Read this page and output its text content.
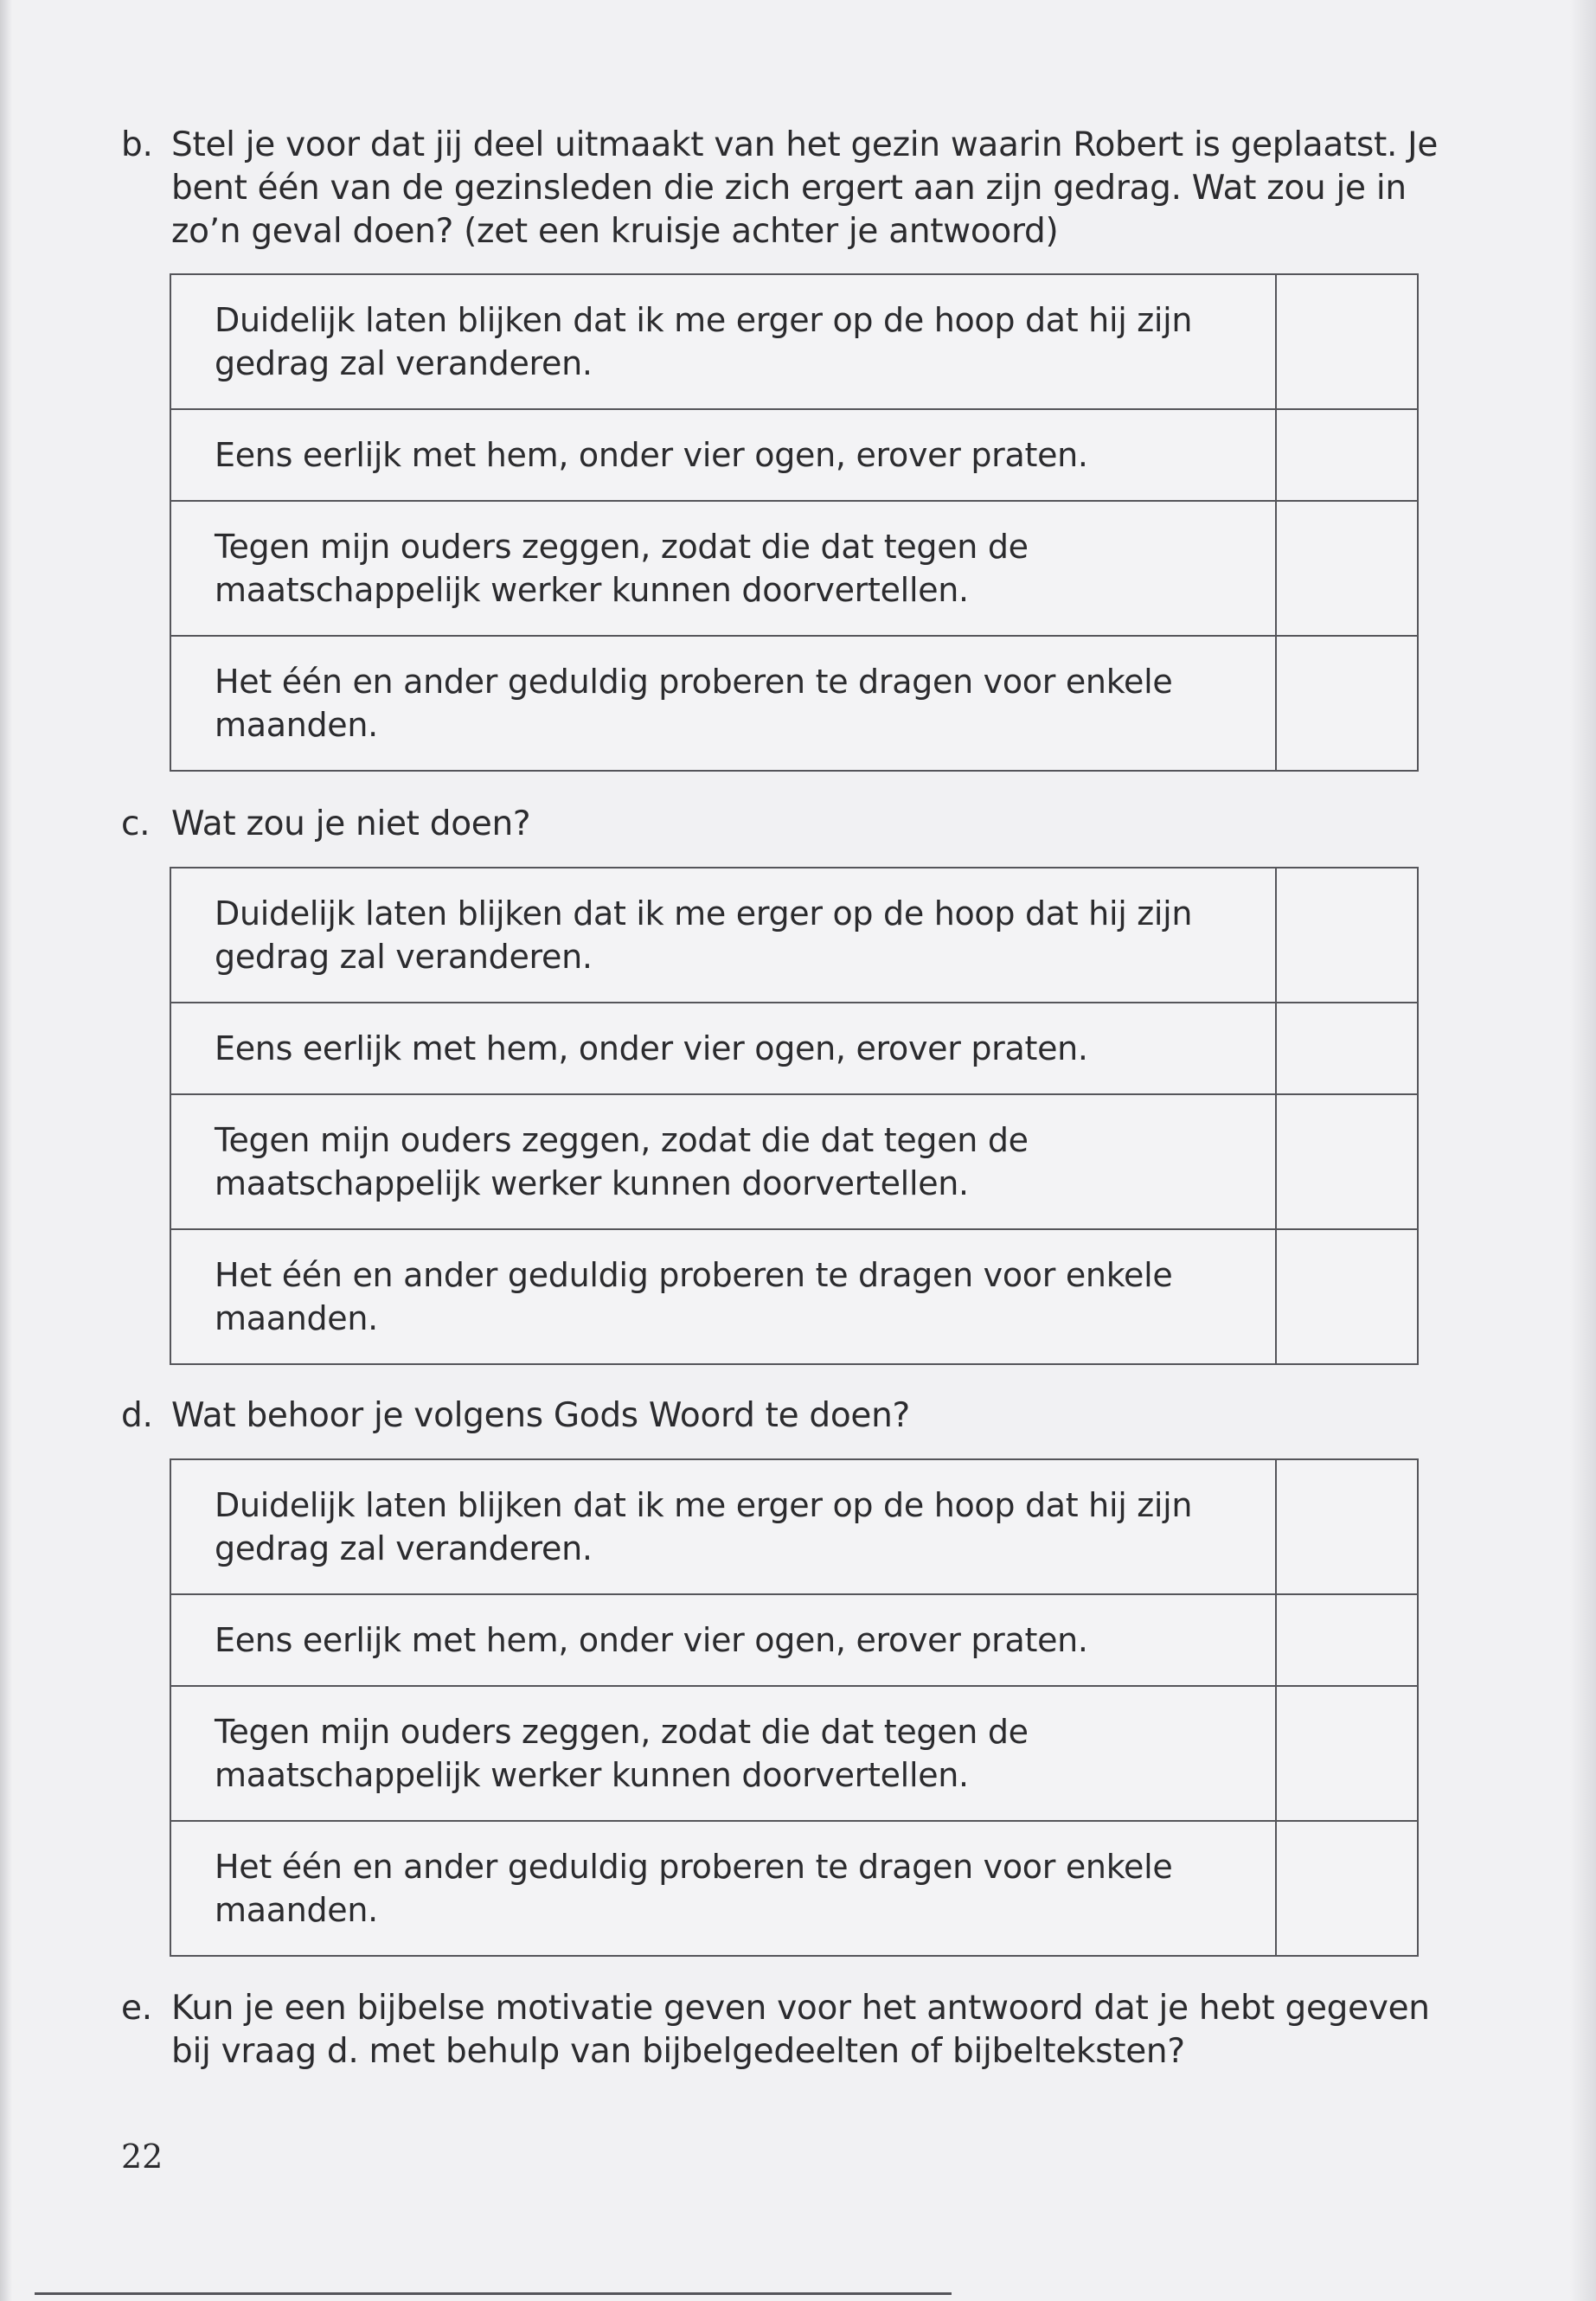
b. Stel je voor dat jij deel uitmaakt van het gezin waarin Robert is geplaatst. Je bent één van de gezinsleden die zich ergert aan zijn gedrag. Wat zou je in zo’n geval doen? (zet een kruisje achter je antwoord)
Duidelijk laten blijken dat ik me erger op de hoop dat hij zijn gedrag zal veranderen.	
Eens eerlijk met hem, onder vier ogen, erover praten.	
Tegen mijn ouders zeggen, zodat die dat tegen de maatschappelijk werker kunnen doorvertellen.	
Het één en ander geduldig proberen te dragen voor enkele maanden.	
c. Wat zou je niet doen?
Duidelijk laten blijken dat ik me erger op de hoop dat hij zijn gedrag zal veranderen.	
Eens eerlijk met hem, onder vier ogen, erover praten.	
Tegen mijn ouders zeggen, zodat die dat tegen de maatschappelijk werker kunnen doorvertellen.	
Het één en ander geduldig proberen te dragen voor enkele maanden.	
d. Wat behoor je volgens Gods Woord te doen?
Duidelijk laten blijken dat ik me erger op de hoop dat hij zijn gedrag zal veranderen.	
Eens eerlijk met hem, onder vier ogen, erover praten.	
Tegen mijn ouders zeggen, zodat die dat tegen de maatschappelijk werker kunnen doorvertellen.	
Het één en ander geduldig proberen te dragen voor enkele maanden.	
e. Kun je een bijbelse motivatie geven voor het antwoord dat je hebt gegeven bij vraag d. met behulp van bijbelgedeelten of bijbelteksten?
22
